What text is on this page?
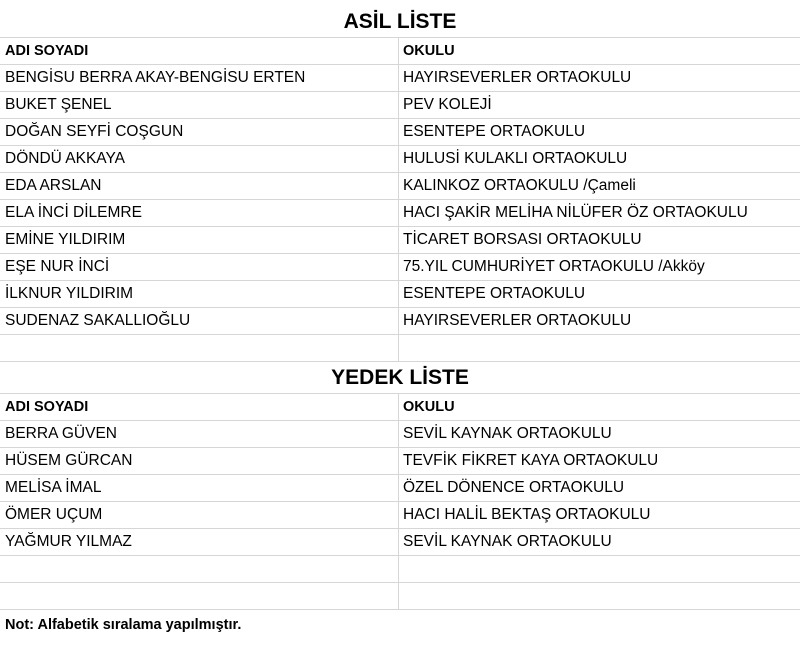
ASİL LİSTE
ADI SOYADI	OKULU
BENGİSU BERRA AKAY-BENGİSU ERTEN	HAYIRSEVERLER ORTAOKULU
BUKET ŞENEL	PEV KOLEJİ
DOĞAN SEYFİ COŞGUN	ESENTEPE ORTAOKULU
DÖNDÜ AKKAYA	HULUSİ KULAKLI ORTAOKULU
EDA ARSLAN	KALINKOZ ORTAOKULU /Çameli
ELA İNCİ DİLEMRE	HACI ŞAKİR MELİHA NİLÜFER ÖZ ORTAOKULU
EMİNE YILDIRIM	TİCARET BORSASI ORTAOKULU
EŞE NUR İNCİ	75.YIL CUMHURİYET ORTAOKULU /Akköy
İLKNUR YILDIRIM	ESENTEPE ORTAOKULU
SUDENAZ SAKALLIOĞLU	HAYIRSEVERLER ORTAOKULU
YEDEK LİSTE
ADI SOYADI	OKULU
BERRA GÜVEN	SEVİL KAYNAK ORTAOKULU
HÜSEM GÜRCAN	TEVFİK FİKRET KAYA ORTAOKULU
MELİSA İMAL	ÖZEL DÖNENCE ORTAOKULU
ÖMER UÇUM	HACI HALİL BEKTAŞ ORTAOKULU
YAĞMUR YILMAZ	SEVİL KAYNAK ORTAOKULU
Not: Alfabetik sıralama yapılmıştır.
